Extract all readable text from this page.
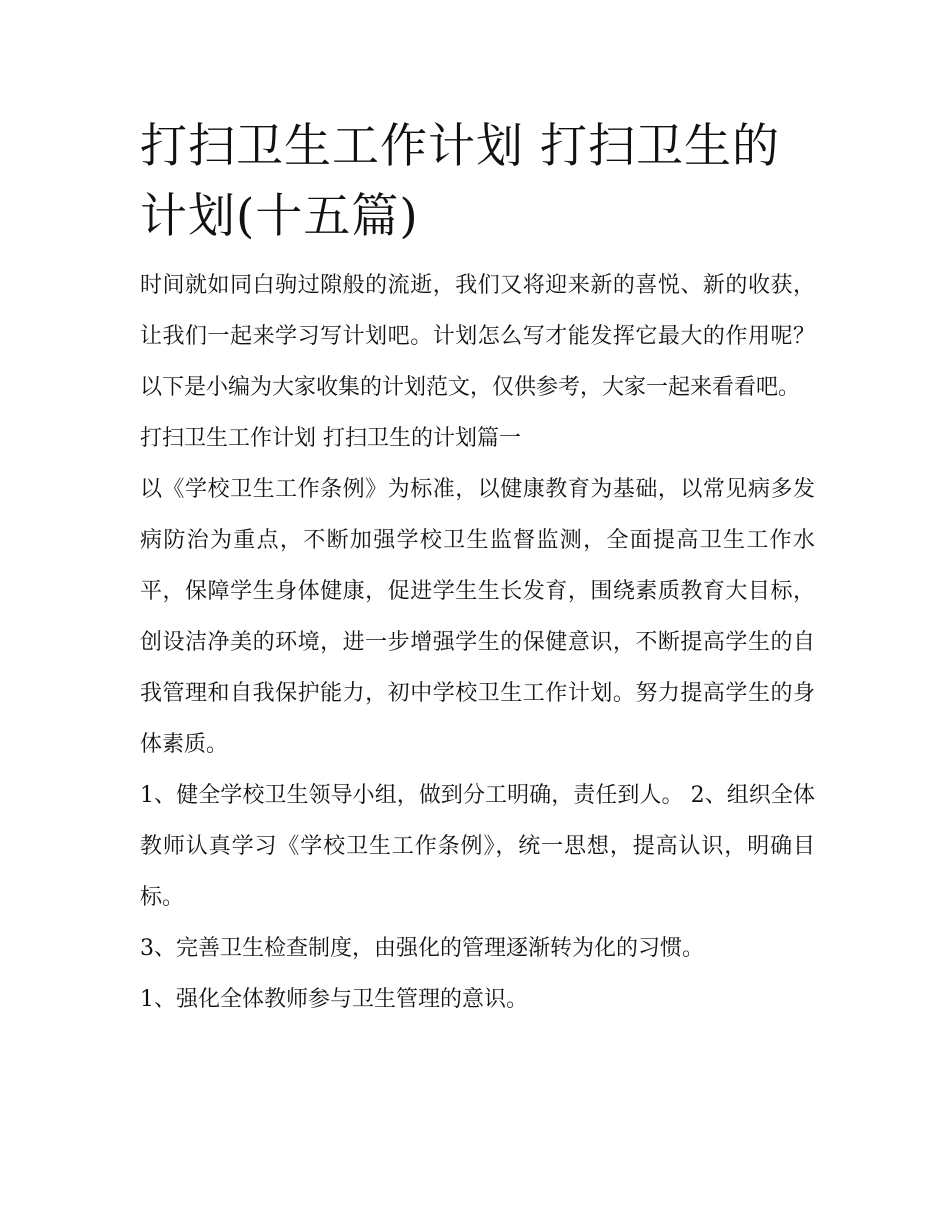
打扫卫生工作计划 打扫卫生的计划(十五篇)

时间就如同白驹过隙般的流逝，我们又将迎来新的喜悦、新的收获，让我们一起来学习写计划吧。计划怎么写才能发挥它最大的作用呢？以下是小编为大家收集的计划范文，仅供参考，大家一起来看看吧。

打扫卫生工作计划 打扫卫生的计划篇一

以《学校卫生工作条例》为标准，以健康教育为基础，以常见病多发病防治为重点，不断加强学校卫生监督监测，全面提高卫生工作水平，保障学生身体健康，促进学生生长发育，围绕素质教育大目标，创设洁净美的环境，进一步增强学生的保健意识，不断提高学生的自我管理和自我保护能力，初中学校卫生工作计划。努力提高学生的身体素质。

1、健全学校卫生领导小组，做到分工明确，责任到人。 2、组织全体教师认真学习《学校卫生工作条例》，统一思想，提高认识，明确目标。

3、完善卫生检查制度，由强化的管理逐渐转为化的习惯。

1、强化全体教师参与卫生管理的意识。
